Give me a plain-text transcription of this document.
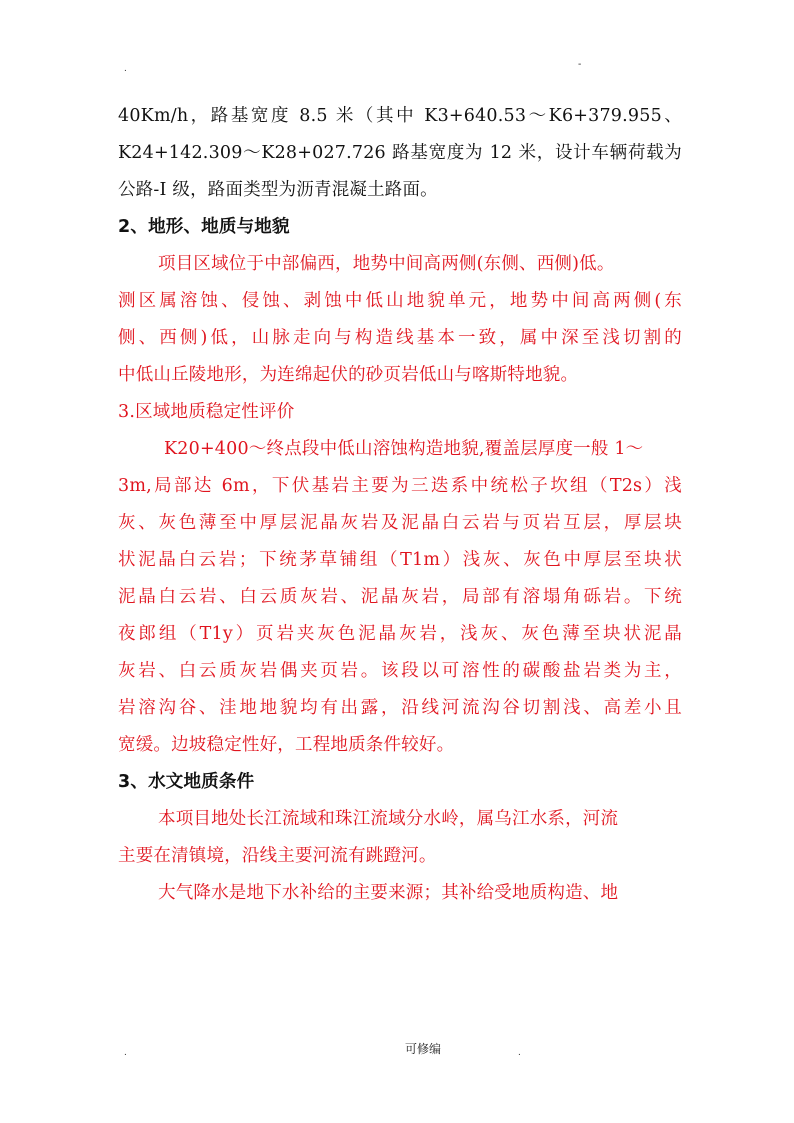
.	-
40Km/h，路基宽度 8.5 米（其中 K3+640.53～K6+379.955、
K24+142.309～K28+027.726 路基宽度为 12 米，设计车辆荷载为
公路-I 级，路面类型为沥青混凝土路面。
2、地形、地质与地貌
项目区域位于中部偏西，地势中间高两侧(东侧、西侧)低。
测区属溶蚀、侵蚀、剥蚀中低山地貌单元，地势中间高两侧(东
侧、西侧)低，山脉走向与构造线基本一致，属中深至浅切割的
中低山丘陵地形，为连绵起伏的砂页岩低山与喀斯特地貌。
3.区域地质稳定性评价
K20+400～终点段中低山溶蚀构造地貌,覆盖层厚度一般 1～
3m,局部达 6m，下伏基岩主要为三迭系中统松子坎组（T2s）浅
灰、灰色薄至中厚层泥晶灰岩及泥晶白云岩与页岩互层，厚层块
状泥晶白云岩；下统茅草铺组（T1m）浅灰、灰色中厚层至块状
泥晶白云岩、白云质灰岩、泥晶灰岩，局部有溶塌角砾岩。下统
夜郎组（T1y）页岩夹灰色泥晶灰岩，浅灰、灰色薄至块状泥晶
灰岩、白云质灰岩偶夹页岩。该段以可溶性的碳酸盐岩类为主，
岩溶沟谷、洼地地貌均有出露，沿线河流沟谷切割浅、高差小且
宽缓。边坡稳定性好，工程地质条件较好。
3、水文地质条件
本项目地处长江流域和珠江流域分水岭，属乌江水系，河流
主要在清镇境，沿线主要河流有跳蹬河。
大气降水是地下水补给的主要来源；其补给受地质构造、地
.	可修编	.
